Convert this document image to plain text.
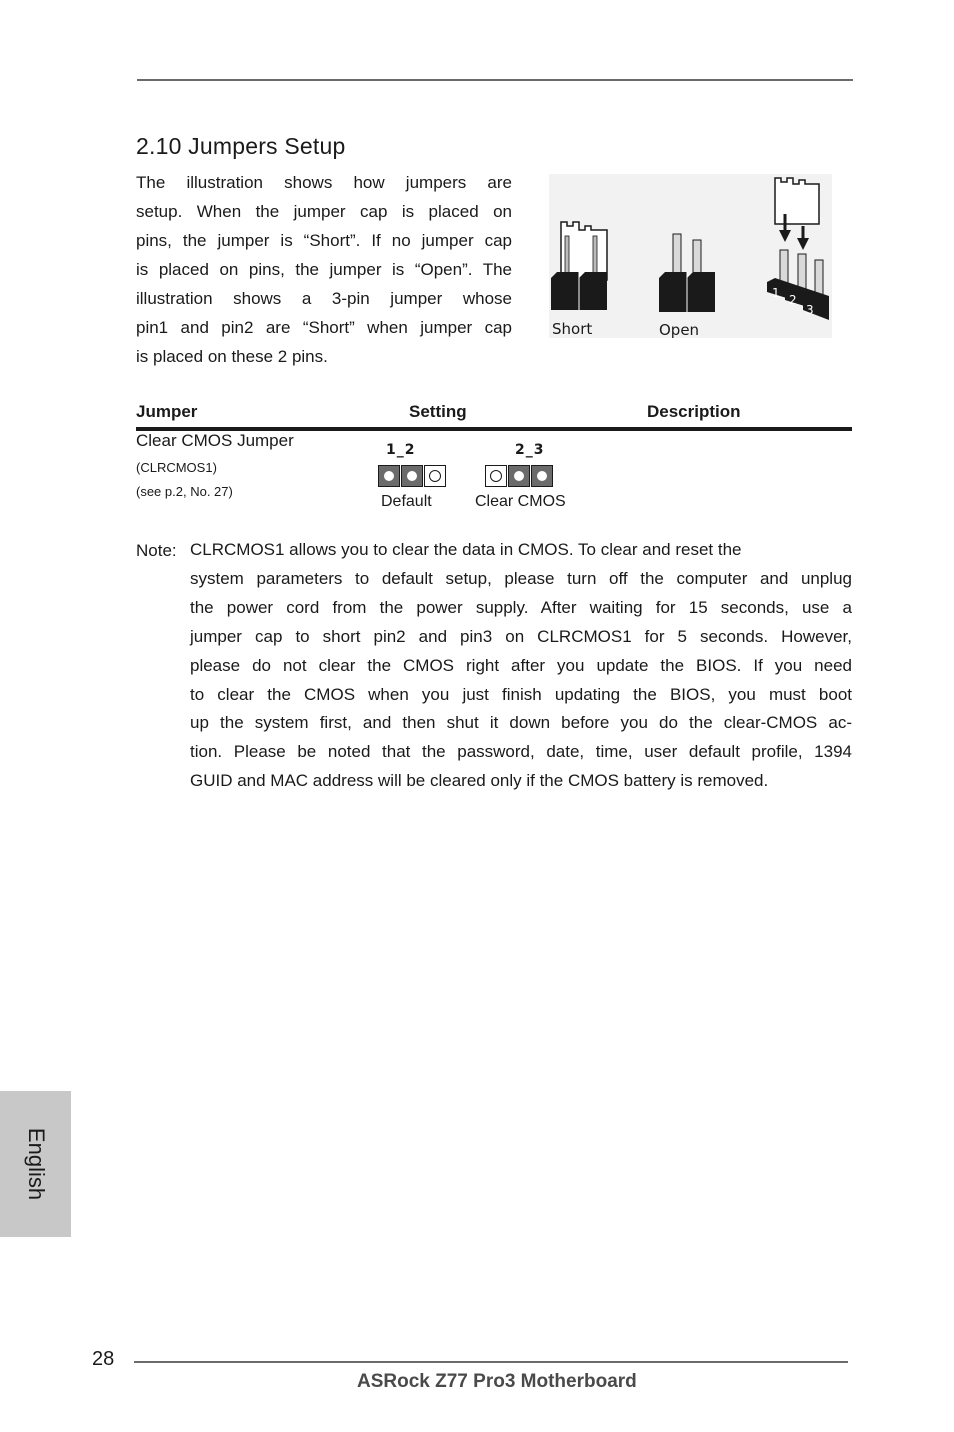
2.10 Jumpers Setup
The illustration shows how jumpers are
setup. When the jumper cap is placed on
pins, the jumper is “Short”. If no jumper cap
is placed on pins, the jumper is “Open”. The
illustration shows a 3-pin jumper whose
pin1 and pin2 are “Short” when jumper cap
is placed on these 2 pins.
1 2
3
Short	Open
Jumper	Setting	Description
Clear CMOS Jumper
(CLRCMOS1)
(see p.2, No. 27)
1_2	2_3
Default	Clear CMOS
Note: CLRCMOS1 allows you to clear the data in CMOS. To clear and reset the
system parameters to default setup, please turn off the computer and unplug
the power cord from the power supply. After waiting for 15 seconds, use a
jumper cap to short pin2 and pin3 on CLRCMOS1 for 5 seconds. However,
please do not clear the CMOS right after you update the BIOS. If you need
to clear the CMOS when you just finish updating the BIOS, you must boot
up the system first, and then shut it down before you do the clear-CMOS ac-
tion. Please be noted that the password, date, time, user default profile, 1394
GUID and MAC address will be cleared only if the CMOS battery is removed.
English
28
ASRock Z77 Pro3 Motherboard
